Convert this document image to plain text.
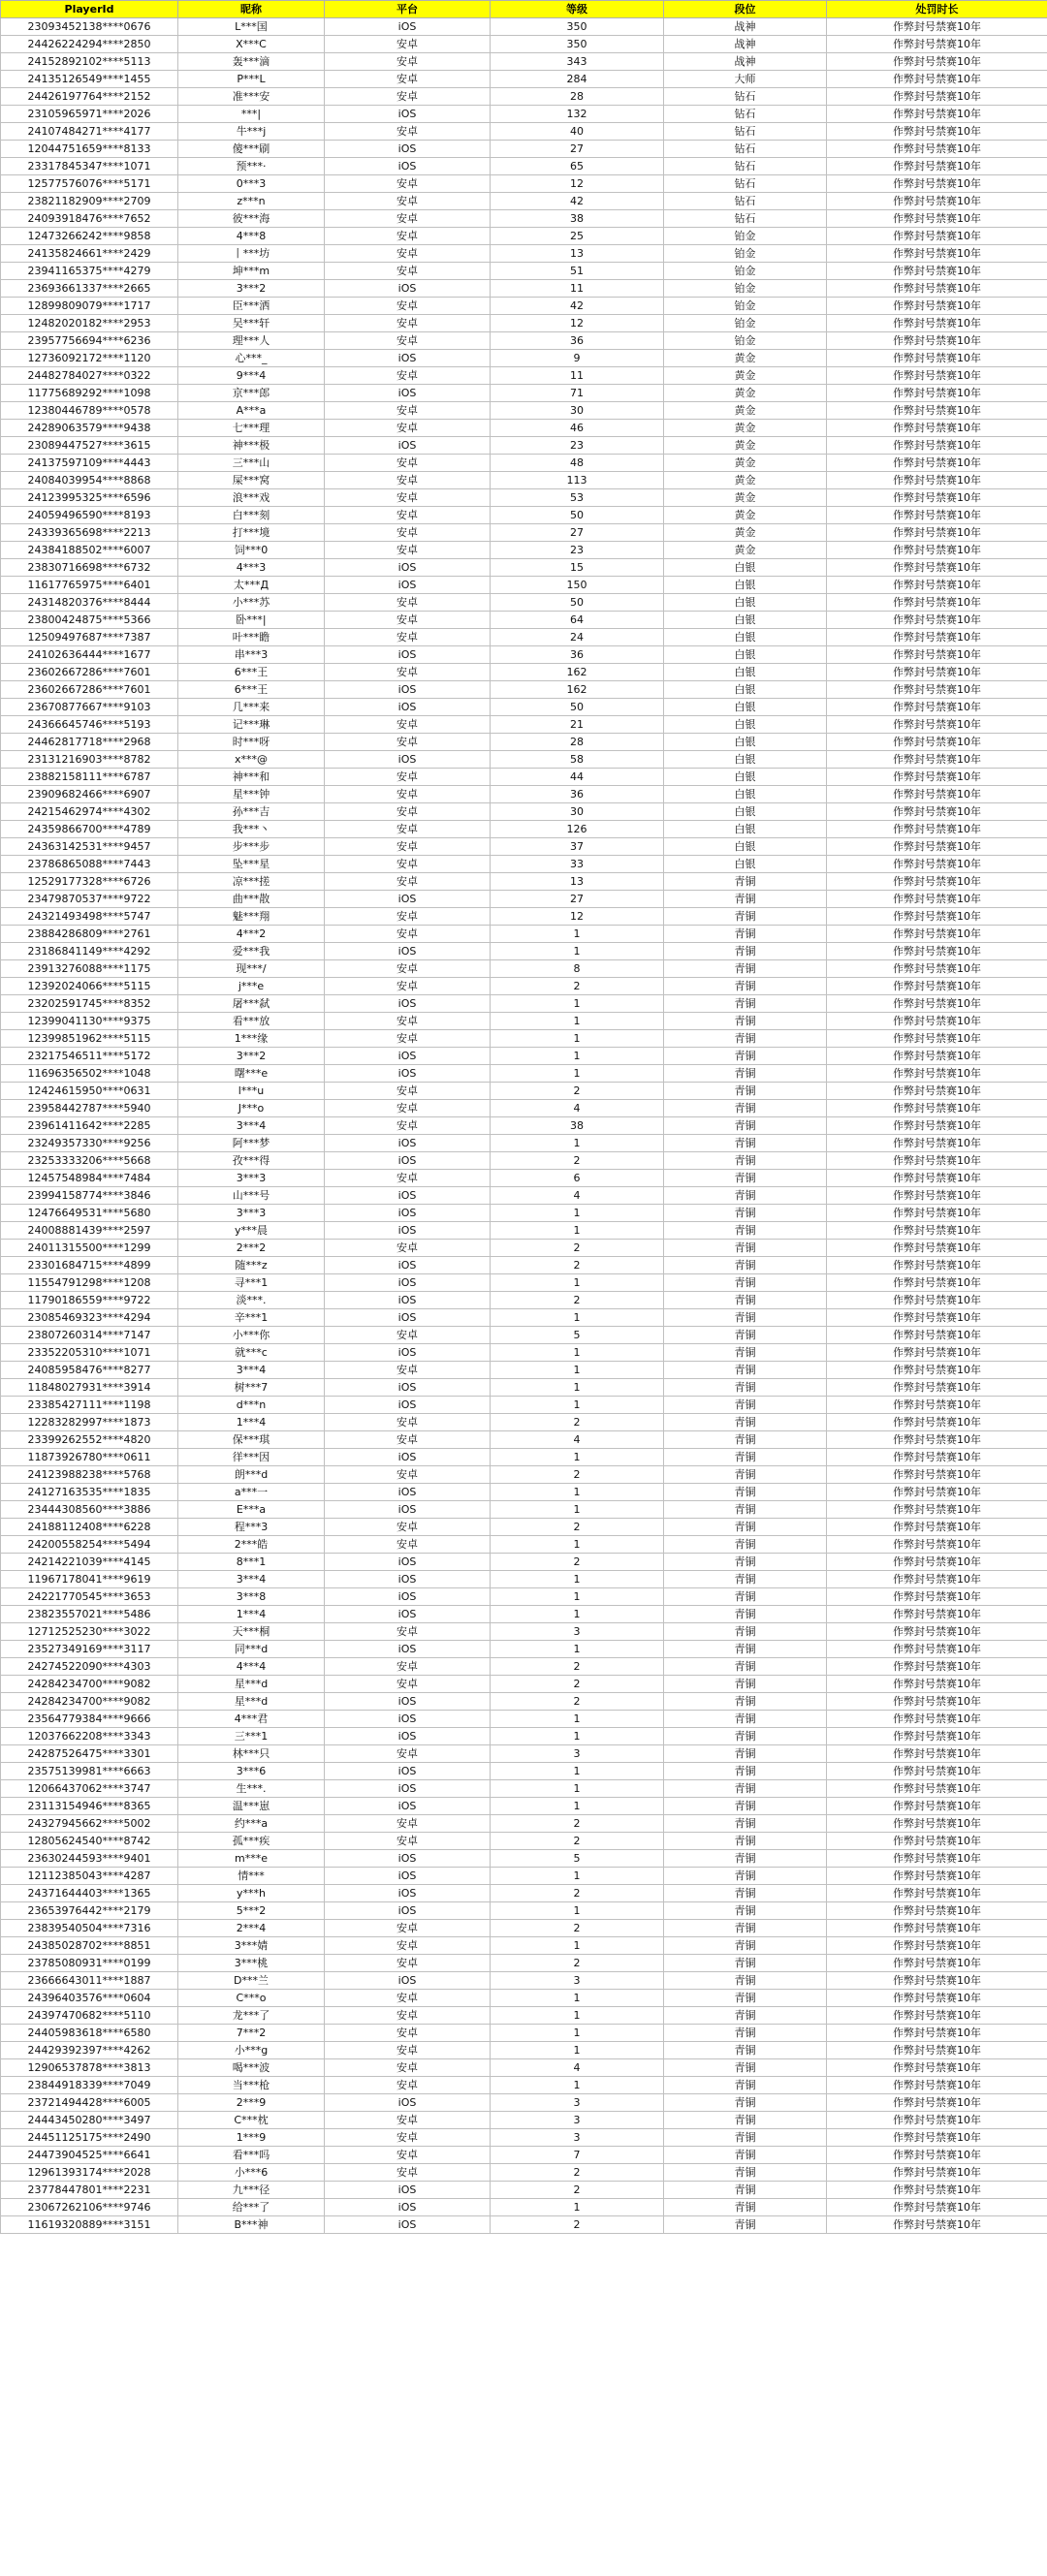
PlayerId	昵称	平台	等级	段位	处罚时长
23093452138****0676	L***国	iOS	350	战神	作弊封号禁赛10年
24426224294****2850	X***C	安卓	350	战神	作弊封号禁赛10年
24152892102****5113	轰***滴	安卓	343	战神	作弊封号禁赛10年
24135126549****1455	P***L	安卓	284	大师	作弊封号禁赛10年
24426197764****2152	准***安	安卓	28	钻石	作弊封号禁赛10年
23105965971****2026	***|	iOS	132	钻石	作弊封号禁赛10年
24107484271****4177	牛***j	安卓	40	钻石	作弊封号禁赛10年
12044751659****8133	傻***刷	iOS	27	钻石	作弊封号禁赛10年
23317845347****1071	预***·	iOS	65	钻石	作弊封号禁赛10年
12577576076****5171	0***3	安卓	12	钻石	作弊封号禁赛10年
23821182909****2709	z***n	安卓	42	钻石	作弊封号禁赛10年
24093918476****7652	彼***海	安卓	38	钻石	作弊封号禁赛10年
12473266242****9858	4***8	安卓	25	铂金	作弊封号禁赛10年
24135824661****2429	丨***坊	安卓	13	铂金	作弊封号禁赛10年
23941165375****4279	坤***m	安卓	51	铂金	作弊封号禁赛10年
23693661337****2665	3***2	iOS	11	铂金	作弊封号禁赛10年
12899809079****1717	臣***洒	安卓	42	铂金	作弊封号禁赛10年
12482020182****2953	吴***轩	安卓	12	铂金	作弊封号禁赛10年
23957756694****6236	理***人	安卓	36	铂金	作弊封号禁赛10年
12736092172****1120	心***_	iOS	9	黄金	作弊封号禁赛10年
24482784027****0322	9***4	安卓	11	黄金	作弊封号禁赛10年
11775689292****1098	京***郎	iOS	71	黄金	作弊封号禁赛10年
12380446789****0578	A***a	安卓	30	黄金	作弊封号禁赛10年
24289063579****9438	七***理	安卓	46	黄金	作弊封号禁赛10年
23089447527****3615	神***极	iOS	23	黄金	作弊封号禁赛10年
24137597109****4443	三***山	安卓	48	黄金	作弊封号禁赛10年
24084039954****8868	屎***窝	安卓	113	黄金	作弊封号禁赛10年
24123995325****6596	浪***戏	安卓	53	黄金	作弊封号禁赛10年
24059496590****8193	白***刻	安卓	50	黄金	作弊封号禁赛10年
24339365698****2213	打***境	安卓	27	黄金	作弊封号禁赛10年
24384188502****6007	饲***0	安卓	23	黄金	作弊封号禁赛10年
23830716698****6732	4***3	iOS	15	白银	作弊封号禁赛10年
11617765975****6401	太***Д	iOS	150	白银	作弊封号禁赛10年
24314820376****8444	小***苏	安卓	50	白银	作弊封号禁赛10年
23800424875****5366	卧***|	安卓	64	白银	作弊封号禁赛10年
12509497687****7387	叶***瞻	安卓	24	白银	作弊封号禁赛10年
24102636444****1677	串***3	iOS	36	白银	作弊封号禁赛10年
23602667286****7601	6***王	安卓	162	白银	作弊封号禁赛10年
23602667286****7601	6***王	iOS	162	白银	作弊封号禁赛10年
23670877667****9103	几***来	iOS	50	白银	作弊封号禁赛10年
24366645746****5193	记***琳	安卓	21	白银	作弊封号禁赛10年
24462817718****2968	时***呀	安卓	28	白银	作弊封号禁赛10年
23131216903****8782	x***@	iOS	58	白银	作弊封号禁赛10年
23882158111****6787	神***和	安卓	44	白银	作弊封号禁赛10年
23909682466****6907	星***钟	安卓	36	白银	作弊封号禁赛10年
24215462974****4302	孙***吉	安卓	30	白银	作弊封号禁赛10年
24359866700****4789	我***丶	安卓	126	白银	作弊封号禁赛10年
24363142531****9457	步***步	安卓	37	白银	作弊封号禁赛10年
23786865088****7443	坠***星	安卓	33	白银	作弊封号禁赛10年
12529177328****6726	凉***搓	安卓	13	青铜	作弊封号禁赛10年
23479870537****9722	曲***散	iOS	27	青铜	作弊封号禁赛10年
24321493498****5747	魅***翔	安卓	12	青铜	作弊封号禁赛10年
23884286809****2761	4***2	安卓	1	青铜	作弊封号禁赛10年
23186841149****4292	爱***我	iOS	1	青铜	作弊封号禁赛10年
23913276088****1175	现***/	安卓	8	青铜	作弊封号禁赛10年
12392024066****5115	j***e	安卓	2	青铜	作弊封号禁赛10年
23202591745****8352	屠***弑	iOS	1	青铜	作弊封号禁赛10年
12399041130****9375	看***放	安卓	1	青铜	作弊封号禁赛10年
12399851962****5115	1***缘	安卓	1	青铜	作弊封号禁赛10年
23217546511****5172	3***2	iOS	1	青铜	作弊封号禁赛10年
11696356502****1048	曙***e	iOS	1	青铜	作弊封号禁赛10年
12424615950****0631	l***u	安卓	2	青铜	作弊封号禁赛10年
23958442787****5940	J***o	安卓	4	青铜	作弊封号禁赛10年
23961411642****2285	3***4	安卓	38	青铜	作弊封号禁赛10年
23249357330****9256	阿***梦	iOS	1	青铜	作弊封号禁赛10年
23253333206****5668	孜***得	iOS	2	青铜	作弊封号禁赛10年
12457548984****7484	3***3	安卓	6	青铜	作弊封号禁赛10年
23994158774****3846	山***号	iOS	4	青铜	作弊封号禁赛10年
12476649531****5680	3***3	iOS	1	青铜	作弊封号禁赛10年
24008881439****2597	y***晨	iOS	1	青铜	作弊封号禁赛10年
24011315500****1299	2***2	安卓	2	青铜	作弊封号禁赛10年
23301684715****4899	随***z	iOS	2	青铜	作弊封号禁赛10年
11554791298****1208	寻***1	iOS	1	青铜	作弊封号禁赛10年
11790186559****9722	淡***.	iOS	2	青铜	作弊封号禁赛10年
23085469323****4294	辛***1	iOS	1	青铜	作弊封号禁赛10年
23807260314****7147	小***你	安卓	5	青铜	作弊封号禁赛10年
23352205310****1071	就***c	iOS	1	青铜	作弊封号禁赛10年
24085958476****8277	3***4	安卓	1	青铜	作弊封号禁赛10年
11848027931****3914	树***7	iOS	1	青铜	作弊封号禁赛10年
23385427111****1198	d***n	iOS	1	青铜	作弊封号禁赛10年
12283282997****1873	1***4	安卓	2	青铜	作弊封号禁赛10年
23399262552****4820	保***琪	安卓	4	青铜	作弊封号禁赛10年
11873926780****0611	徉***因	iOS	1	青铜	作弊封号禁赛10年
24123988238****5768	朗***d	安卓	2	青铜	作弊封号禁赛10年
24127163535****1835	a***一	iOS	1	青铜	作弊封号禁赛10年
23444308560****3886	E***a	iOS	1	青铜	作弊封号禁赛10年
24188112408****6228	程***3	安卓	2	青铜	作弊封号禁赛10年
24200558254****5494	2***皓	安卓	1	青铜	作弊封号禁赛10年
24214221039****4145	8***1	iOS	2	青铜	作弊封号禁赛10年
11967178041****9619	3***4	iOS	1	青铜	作弊封号禁赛10年
24221770545****3653	3***8	iOS	1	青铜	作弊封号禁赛10年
23823557021****5486	1***4	iOS	1	青铜	作弊封号禁赛10年
12712525230****3022	天***桐	安卓	3	青铜	作弊封号禁赛10年
23527349169****3117	同***d	iOS	1	青铜	作弊封号禁赛10年
24274522090****4303	4***4	安卓	2	青铜	作弊封号禁赛10年
24284234700****9082	星***d	安卓	2	青铜	作弊封号禁赛10年
24284234700****9082	星***d	iOS	2	青铜	作弊封号禁赛10年
23564779384****9666	4***君	iOS	1	青铜	作弊封号禁赛10年
12037662208****3343	三***1	iOS	1	青铜	作弊封号禁赛10年
24287526475****3301	林***只	安卓	3	青铜	作弊封号禁赛10年
23575139981****6663	3***6	iOS	1	青铜	作弊封号禁赛10年
12066437062****3747	生***.	iOS	1	青铜	作弊封号禁赛10年
23113154946****8365	温***崽	iOS	1	青铜	作弊封号禁赛10年
24327945662****5002	约***a	安卓	2	青铜	作弊封号禁赛10年
12805624540****8742	孤***疾	安卓	2	青铜	作弊封号禁赛10年
23630244593****9401	m***e	iOS	5	青铜	作弊封号禁赛10年
12112385043****4287	情***	iOS	1	青铜	作弊封号禁赛10年
24371644403****1365	y***h	iOS	2	青铜	作弊封号禁赛10年
23653976442****2179	5***2	iOS	1	青铜	作弊封号禁赛10年
23839540504****7316	2***4	安卓	2	青铜	作弊封号禁赛10年
24385028702****8851	3***婧	安卓	1	青铜	作弊封号禁赛10年
23785080931****0199	3***桃	安卓	2	青铜	作弊封号禁赛10年
23666643011****1887	D***兰	iOS	3	青铜	作弊封号禁赛10年
24396403576****0604	C***o	安卓	1	青铜	作弊封号禁赛10年
24397470682****5110	龙***了	安卓	1	青铜	作弊封号禁赛10年
24405983618****6580	7***2	安卓	1	青铜	作弊封号禁赛10年
24429392397****4262	小***g	安卓	1	青铜	作弊封号禁赛10年
12906537878****3813	喝***波	安卓	4	青铜	作弊封号禁赛10年
23844918339****7049	当***枪	安卓	1	青铜	作弊封号禁赛10年
23721494428****6005	2***9	iOS	3	青铜	作弊封号禁赛10年
24443450280****3497	C***枕	安卓	3	青铜	作弊封号禁赛10年
24451125175****2490	1***9	安卓	3	青铜	作弊封号禁赛10年
24473904525****6641	看***吗	安卓	7	青铜	作弊封号禁赛10年
12961393174****2028	小***6	安卓	2	青铜	作弊封号禁赛10年
23778447801****2231	九***径	iOS	2	青铜	作弊封号禁赛10年
23067262106****9746	给***了	iOS	1	青铜	作弊封号禁赛10年
11619320889****3151	B***神	iOS	2	青铜	作弊封号禁赛10年
